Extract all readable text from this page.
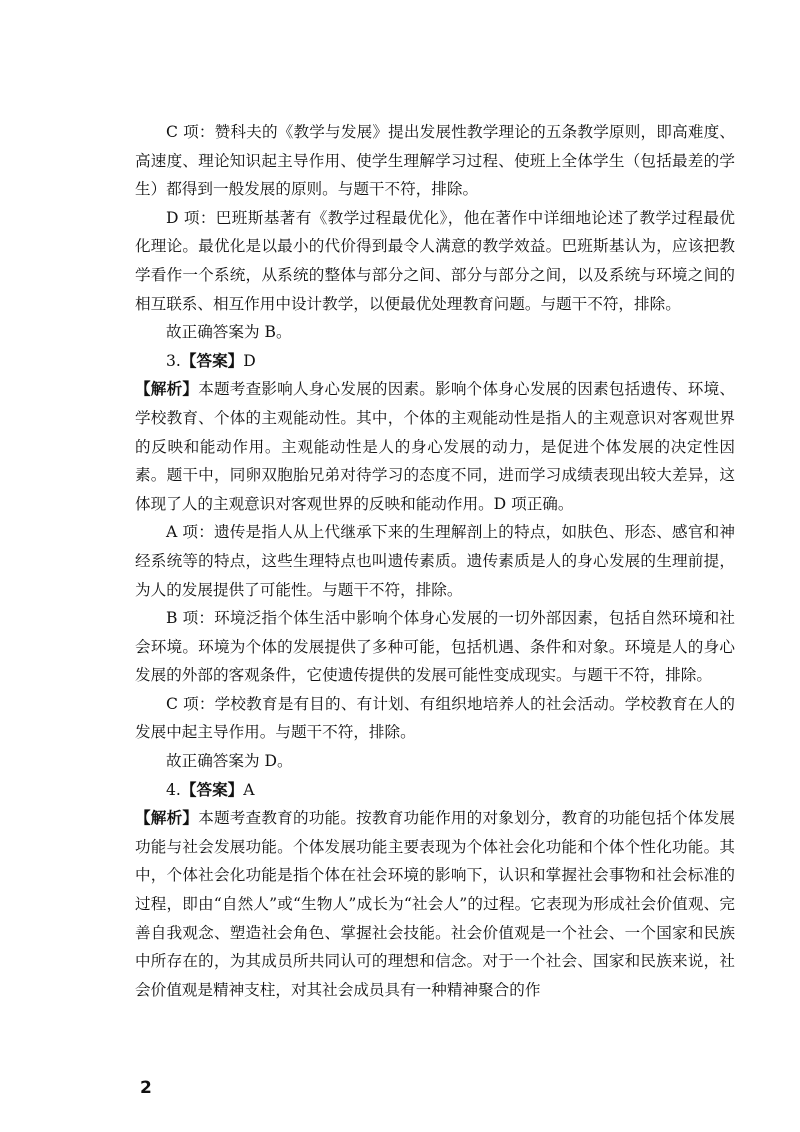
C 项：赞科夫的《教学与发展》提出发展性教学理论的五条教学原则，即高难度、高速度、理论知识起主导作用、使学生理解学习过程、使班上全体学生（包括最差的学生）都得到一般发展的原则。与题干不符，排除。

D 项：巴班斯基著有《教学过程最优化》，他在著作中详细地论述了教学过程最优化理论。最优化是以最小的代价得到最令人满意的教学效益。巴班斯基认为，应该把教学看作一个系统，从系统的整体与部分之间、部分与部分之间，以及系统与环境之间的相互联系、相互作用中设计教学，以便最优处理教育问题。与题干不符，排除。

故正确答案为 B。

3.【答案】D

【解析】本题考查影响人身心发展的因素。影响个体身心发展的因素包括遗传、环境、学校教育、个体的主观能动性。其中，个体的主观能动性是指人的主观意识对客观世界的反映和能动作用。主观能动性是人的身心发展的动力，是促进个体发展的决定性因素。题干中，同卵双胞胎兄弟对待学习的态度不同，进而学习成绩表现出较大差异，这体现了人的主观意识对客观世界的反映和能动作用。D 项正确。

A 项：遗传是指人从上代继承下来的生理解剖上的特点，如肤色、形态、感官和神经系统等的特点，这些生理特点也叫遗传素质。遗传素质是人的身心发展的生理前提，为人的发展提供了可能性。与题干不符，排除。

B 项：环境泛指个体生活中影响个体身心发展的一切外部因素，包括自然环境和社会环境。环境为个体的发展提供了多种可能，包括机遇、条件和对象。环境是人的身心发展的外部的客观条件，它使遗传提供的发展可能性变成现实。与题干不符，排除。

C 项：学校教育是有目的、有计划、有组织地培养人的社会活动。学校教育在人的发展中起主导作用。与题干不符，排除。

故正确答案为 D。

4.【答案】A

【解析】本题考查教育的功能。按教育功能作用的对象划分，教育的功能包括个体发展功能与社会发展功能。个体发展功能主要表现为个体社会化功能和个体个性化功能。其中，个体社会化功能是指个体在社会环境的影响下，认识和掌握社会事物和社会标准的过程，即由“自然人”或“生物人”成长为“社会人”的过程。它表现为形成社会价值观、完善自我观念、塑造社会角色、掌握社会技能。社会价值观是一个社会、一个国家和民族中所存在的，为其成员所共同认可的理想和信念。对于一个社会、国家和民族来说，社会价值观是精神支柱，对其社会成员具有一种精神聚合的作

2
